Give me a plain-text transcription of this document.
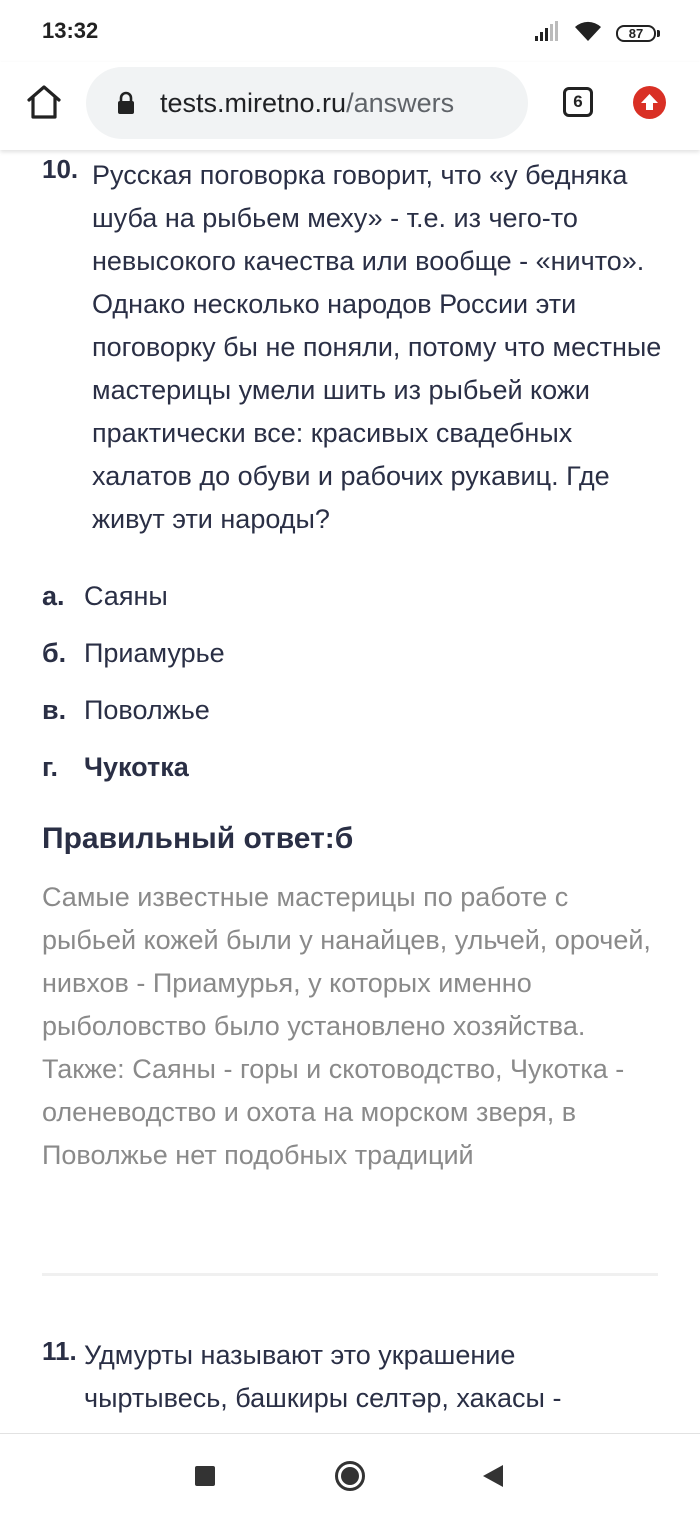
13:32	87
tests.miretno.ru/answers	6
10. Русская поговорка говорит, что «у бедняка шуба на рыбьем меху» - т.е. из чего-то невысокого качества или вообще - «ничто». Однако несколько народов России эти поговорку бы не поняли, потому что местные мастерицы умели шить из рыбьей кожи практически все: красивых свадебных халатов до обуви и рабочих рукавиц. Где живут эти народы?
а. Саяны
б. Приамурье
в. Поволжье
г. Чукотка
Правильный ответ:б
Самые известные мастерицы по работе с рыбьей кожей были у нанайцев, ульчей, орочей, нивхов - Приамурья, у которых именно рыболовство было установлено хозяйства. Также: Саяны - горы и скотоводство, Чукотка - оленеводство и охота на морском зверя, в Поволжье нет подобных традиций
11. Удмурты называют это украшение чыртывесь, башкиры селтәр, хакасы -
